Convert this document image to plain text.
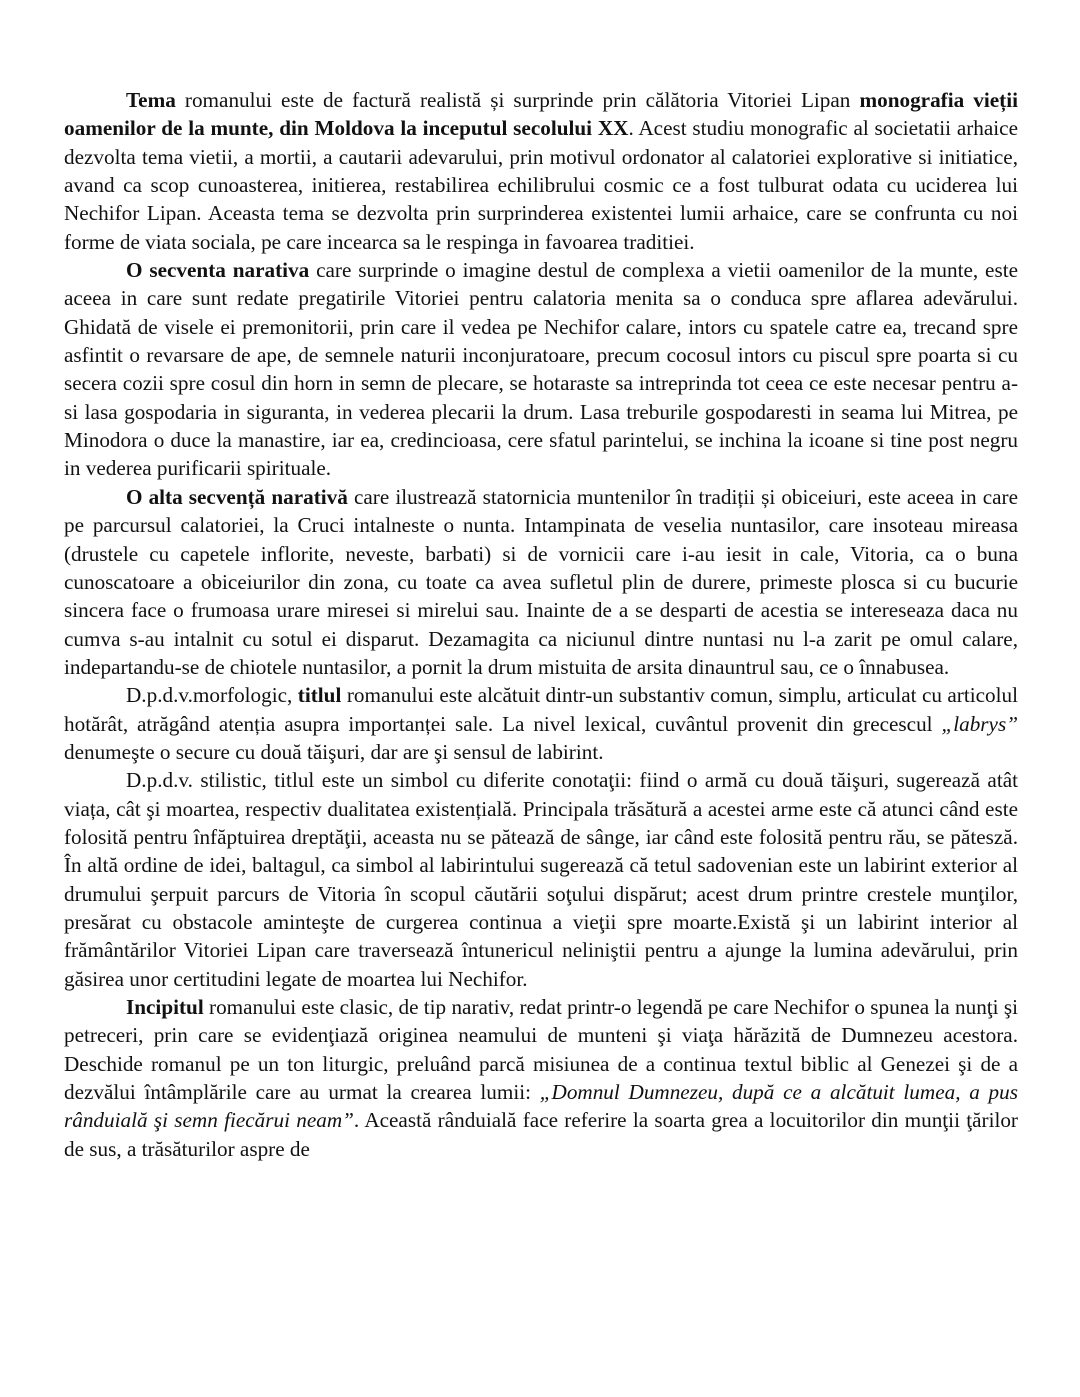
Tema romanului este de factură realistă și surprinde prin călătoria Vitoriei Lipan monografia vieții oamenilor de la munte, din Moldova la inceputul secolului XX. Acest studiu monografic al societatii arhaice dezvolta tema vietii, a mortii, a cautarii adevarului, prin motivul ordonator al calatoriei explorative si initiatice, avand ca scop cunoasterea, initierea, restabilirea echilibrului cosmic ce a fost tulburat odata cu uciderea lui Nechifor Lipan. Aceasta tema se dezvolta prin surprinderea existentei lumii arhaice, care se confrunta cu noi forme de viata sociala, pe care incearca sa le respinga in favoarea traditiei.

O secventa narativa care surprinde o imagine destul de complexa a vietii oamenilor de la munte, este aceea in care sunt redate pregatirile Vitoriei pentru calatoria menita sa o conduca spre aflarea adevărului. Ghidată de visele ei premonitorii, prin care il vedea pe Nechifor calare, intors cu spatele catre ea, trecand spre asfintit o revarsare de ape, de semnele naturii inconjuratoare, precum cocosul intors cu piscul spre poarta si cu secera cozii spre cosul din horn in semn de plecare, se hotaraste sa intreprinda tot ceea ce este necesar pentru a-si lasa gospodaria in siguranta, in vederea plecarii la drum. Lasa treburile gospodaresti in seama lui Mitrea, pe Minodora o duce la manastire, iar ea, credincioasa, cere sfatul parintelui, se inchina la icoane si tine post negru in vederea purificarii spirituale.

O alta secvență narativă care ilustrează statornicia muntenilor în tradiții și obiceiuri, este aceea in care pe parcursul calatoriei, la Cruci intalneste o nunta. Intampinata de veselia nuntasilor, care insoteau mireasa (drustele cu capetele inflorite, neveste, barbati) si de vornicii care i-au iesit in cale, Vitoria, ca o buna cunoscatoare a obiceiurilor din zona, cu toate ca avea sufletul plin de durere, primeste plosca si cu bucurie sincera face o frumoasa urare miresei si mirelui sau. Inainte de a se desparti de acestia se intereseaza daca nu cumva s-au intalnit cu sotul ei disparut. Dezamagita ca niciunul dintre nuntasi nu l-a zarit pe omul calare, indepartandu-se de chiotele nuntasilor, a pornit la drum mistuita de arsita dinauntrul sau, ce o înnabusea.

D.p.d.v.morfologic, titlul romanului este alcătuit dintr-un substantiv comun, simplu, articulat cu articolul hotărât, atrăgând atenția asupra importanței sale. La nivel lexical, cuvântul provenit din grecescul „labrys” denumeşte o secure cu două tăişuri, dar are şi sensul de labirint.

D.p.d.v. stilistic, titlul este un simbol cu diferite conotaţii: fiind o armă cu două tăişuri, sugerează atât viața, cât şi moartea, respectiv dualitatea existențială. Principala trăsătură a acestei arme este că atunci când este folosită pentru înfăptuirea dreptăţii, aceasta nu se pătează de sânge, iar când este folosită pentru rău, se pătesză. În altă ordine de idei, baltagul, ca simbol al labirintului sugerează că tetul sadovenian este un labirint exterior al drumului şerpuit parcurs de Vitoria în scopul căutării soţului dispărut; acest drum printre crestele munţilor, presărat cu obstacole aminteşte de curgerea continua a vieţii spre moarte.Există şi un labirint interior al frământărilor Vitoriei Lipan care traversează întunericul neliniştii pentru a ajunge la lumina adevărului, prin găsirea unor certitudini legate de moartea lui Nechifor.

Incipitul romanului este clasic, de tip narativ, redat printr-o legendă pe care Nechifor o spunea la nunţi şi petreceri, prin care se evidenţiază originea neamului de munteni şi viaţa hărăzită de Dumnezeu acestora. Deschide romanul pe un ton liturgic, preluând parcă misiunea de a continua textul biblic al Genezei şi de a dezvălui întâmplările care au urmat la crearea lumii: „Domnul Dumnezeu, după ce a alcătuit lumea, a pus rânduială şi semn fiecărui neam”. Această rânduială face referire la soarta grea a locuitorilor din munţii ţărilor de sus, a trăsăturilor aspre de
